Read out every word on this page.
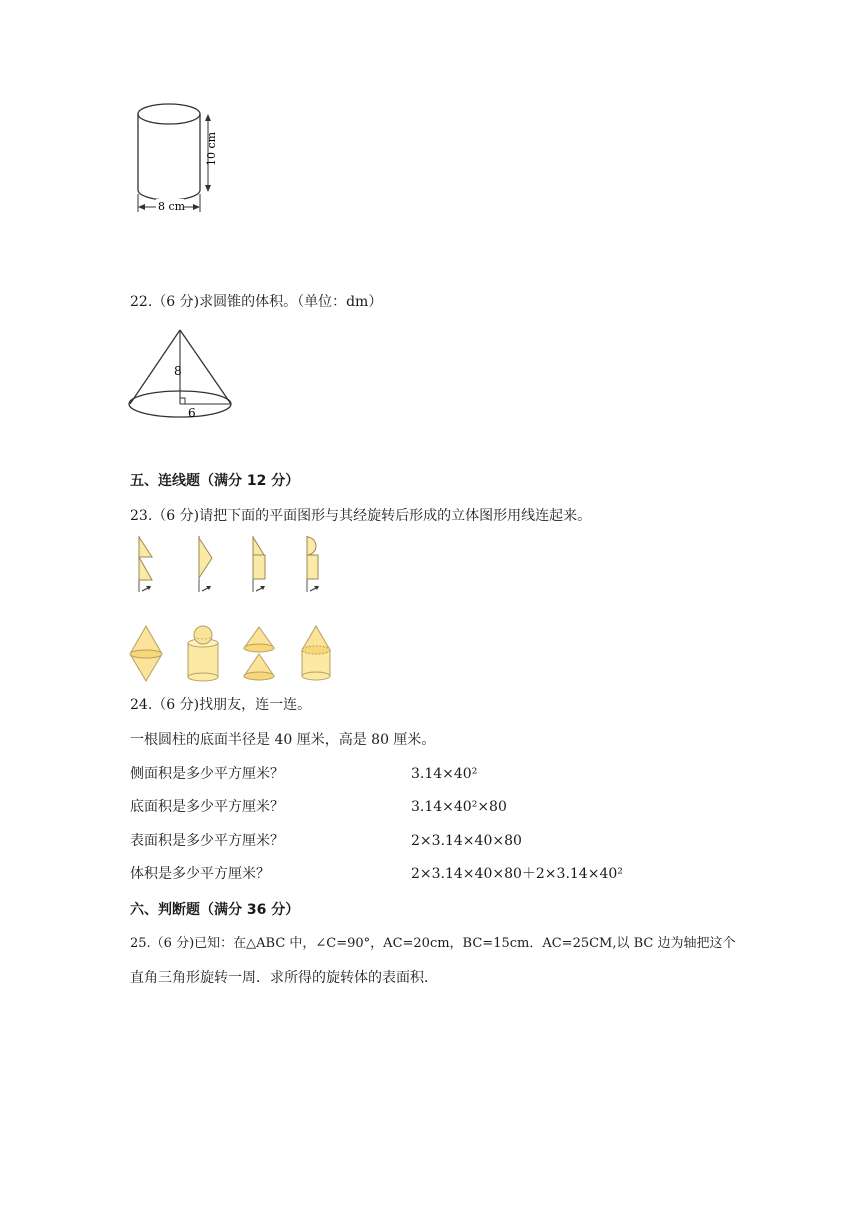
10 cm
8 cm
22.（6 分)求圆锥的体积。（单位：dm）
8
6
五、连线题（满分 12 分）
23.（6 分)请把下面的平面图形与其经旋转后形成的立体图形用线连起来。
24.（6 分)找朋友，连一连。
一根圆柱的底面半径是 40 厘米，高是 80 厘米。
侧面积是多少平方厘米？	3.14×40²
底面积是多少平方厘米？	3.14×40²×80
表面积是多少平方厘米？	2×3.14×40×80
体积是多少平方厘米？	2×3.14×40×80＋2×3.14×40²
六、判断题（满分 36 分）
25.（6 分)已知：在△ABC 中，∠C=90°，AC=20cm，BC=15cm．AC=25CM,以 BC 边为轴把这个
直角三角形旋转一周．求所得的旋转体的表面积．
